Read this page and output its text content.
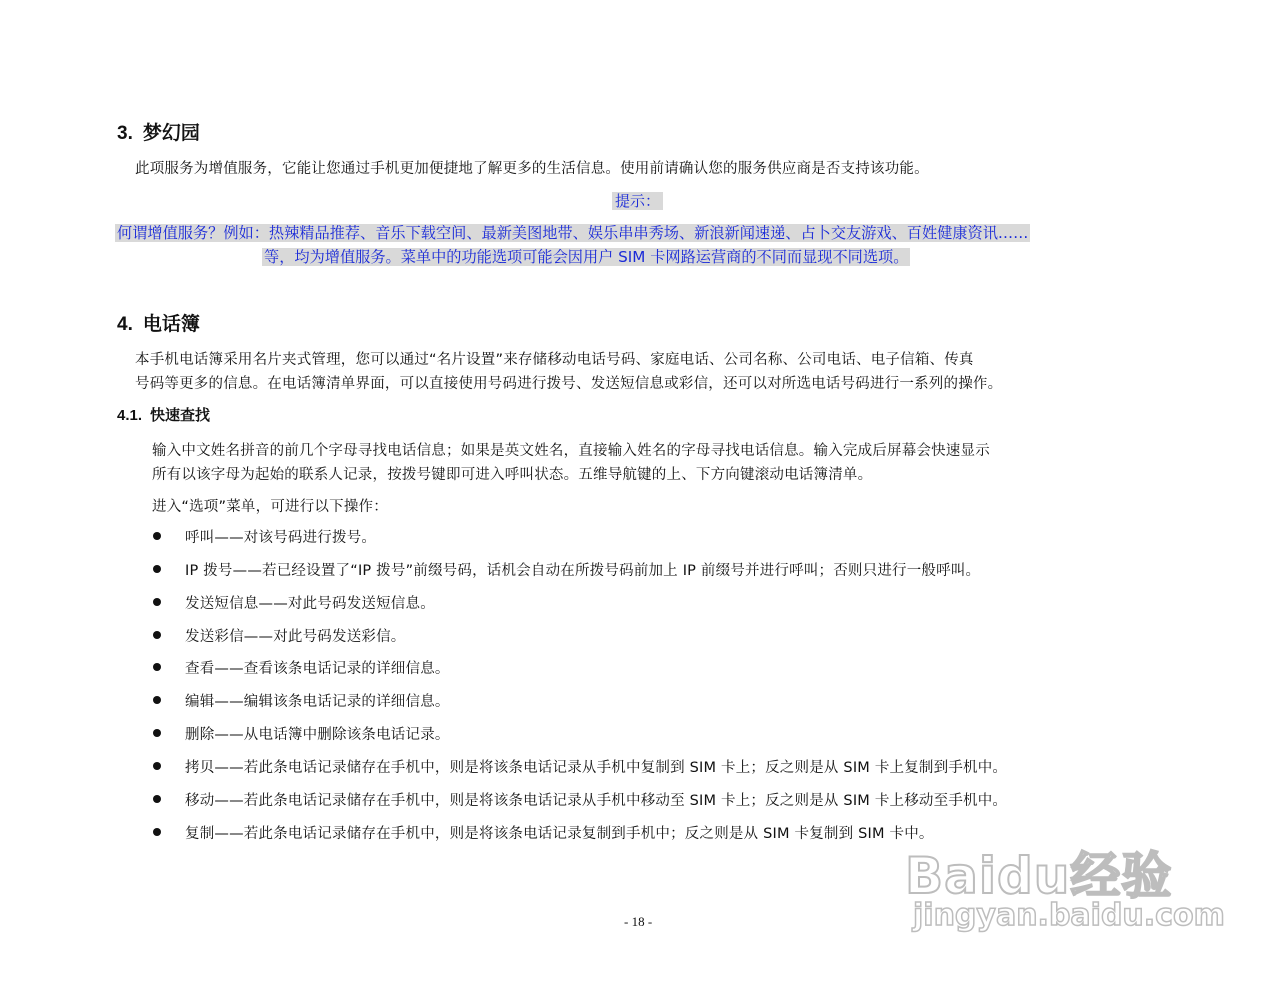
3. 梦幻园
此项服务为增值服务，它能让您通过手机更加便捷地了解更多的生活信息。使用前请确认您的服务供应商是否支持该功能。
提示：
何谓增值服务？例如：热辣精品推荐、音乐下载空间、最新美图地带、娱乐串串秀场、新浪新闻速递、占卜交友游戏、百姓健康资讯……
等，均为增值服务。菜单中的功能选项可能会因用户 SIM 卡网路运营商的不同而显现不同选项。
4. 电话簿
本手机电话簿采用名片夹式管理，您可以通过“名片设置”来存储移动电话号码、家庭电话、公司名称、公司电话、电子信箱、传真
号码等更多的信息。在电话簿清单界面，可以直接使用号码进行拨号、发送短信息或彩信，还可以对所选电话号码进行一系列的操作。
4.1. 快速查找
输入中文姓名拼音的前几个字母寻找电话信息；如果是英文姓名，直接输入姓名的字母寻找电话信息。输入完成后屏幕会快速显示
所有以该字母为起始的联系人记录，按拨号键即可进入呼叫状态。五维导航键的上、下方向键滚动电话簿清单。
进入“选项”菜单，可进行以下操作：
呼叫——对该号码进行拨号。
IP 拨号——若已经设置了“IP 拨号”前缀号码，话机会自动在所拨号码前加上 IP 前缀号并进行呼叫；否则只进行一般呼叫。
发送短信息——对此号码发送短信息。
发送彩信——对此号码发送彩信。
查看——查看该条电话记录的详细信息。
编辑——编辑该条电话记录的详细信息。
删除——从电话簿中删除该条电话记录。
拷贝——若此条电话记录储存在手机中，则是将该条电话记录从手机中复制到 SIM 卡上；反之则是从 SIM 卡上复制到手机中。
移动——若此条电话记录储存在手机中，则是将该条电话记录从手机中移动至 SIM 卡上；反之则是从 SIM 卡上移动至手机中。
复制——若此条电话记录储存在手机中，则是将该条电话记录复制到手机中；反之则是从 SIM 卡复制到 SIM 卡中。
- 18 -
Baidu经验
jingyan.baidu.com
